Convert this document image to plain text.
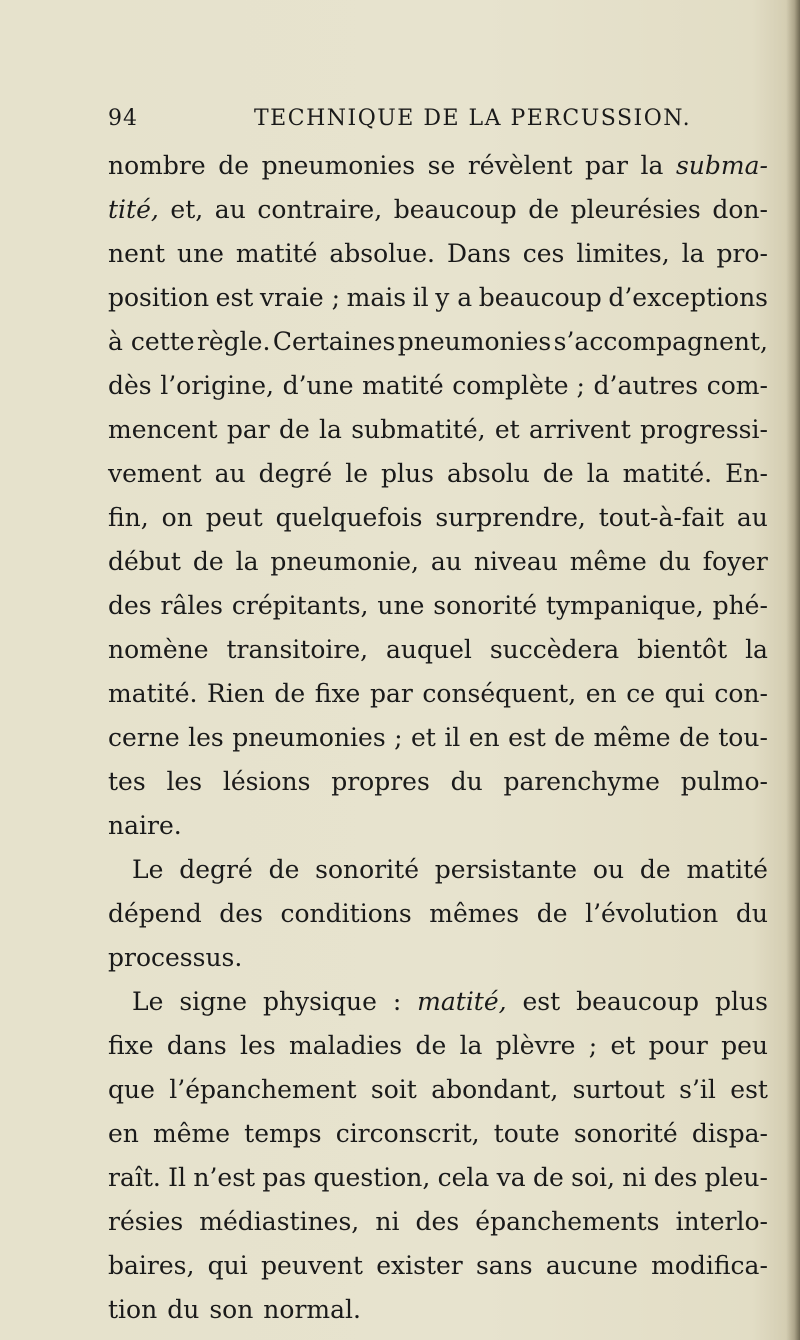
94	TECHNIQUE DE LA PERCUSSION.
nombre de pneumonies se révèlent par la subma-
tité, et, au contraire, beaucoup de pleurésies don-
nent une matité absolue. Dans ces limites, la pro-
position est vraie ; mais il y a beaucoup d’exceptions
à cette règle. Certaines pneumonies s’accompagnent,
dès l’origine, d’une matité complète ; d’autres com-
mencent par de la submatité, et arrivent progressi-
vement au degré le plus absolu de la matité. En-
fin, on peut quelquefois surprendre, tout-à-fait au
début de la pneumonie, au niveau même du foyer
des râles crépitants, une sonorité tympanique, phé-
nomène transitoire, auquel succèdera bientôt la
matité. Rien de fixe par conséquent, en ce qui con-
cerne les pneumonies ; et il en est de même de tou-
tes les lésions propres du parenchyme pulmo-
naire.
Le degré de sonorité persistante ou de matité
dépend des conditions mêmes de l’évolution du
processus.
Le signe physique : matité, est beaucoup plus
fixe dans les maladies de la plèvre ; et pour peu
que l’épanchement soit abondant, surtout s’il est
en même temps circonscrit, toute sonorité dispa-
raît. Il n’est pas question, cela va de soi, ni des pleu-
résies médiastines, ni des épanchements interlo-
baires, qui peuvent exister sans aucune modifica-
tion du son normal.
